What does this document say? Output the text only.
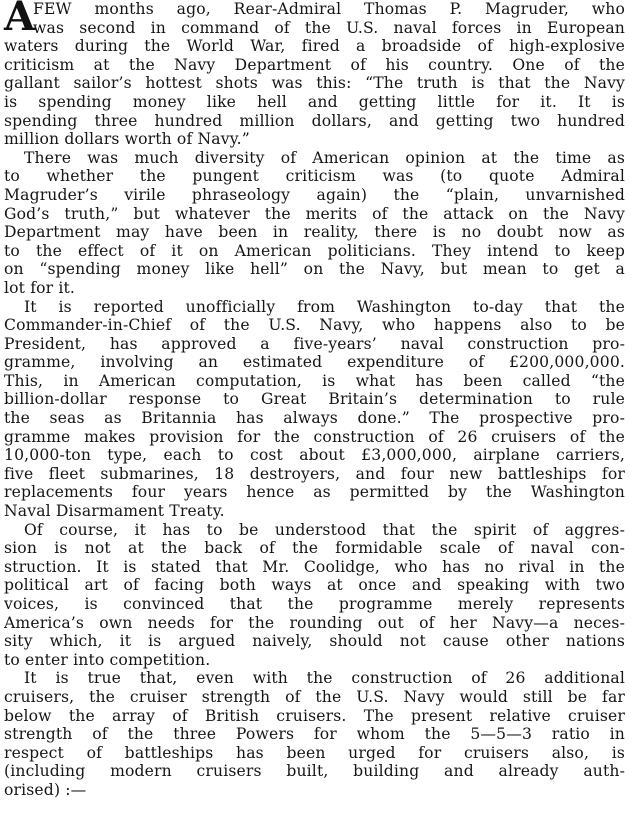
A
FEW months ago, Rear-Admiral Thomas P. Magruder, who
was second in command of the U.S. naval forces in European
waters during the World War, fired a broadside of high-explosive
criticism at the Navy Department of his country. One of the
gallant sailor’s hottest shots was this: “The truth is that the Navy
is spending money like hell and getting little for it. It is
spending three hundred million dollars, and getting two hundred
million dollars worth of Navy.”
There was much diversity of American opinion at the time as
to whether the pungent criticism was (to quote Admiral
Magruder’s virile phraseology again) the “plain, unvarnished
God’s truth,” but whatever the merits of the attack on the Navy
Department may have been in reality, there is no doubt now as
to the effect of it on American politicians. They intend to keep
on “spending money like hell” on the Navy, but mean to get a
lot for it.
It is reported unofficially from Washington to-day that the
Commander-in-Chief of the U.S. Navy, who happens also to be
President, has approved a five-years’ naval construction pro-
gramme, involving an estimated expenditure of £200,000,000.
This, in American computation, is what has been called “the
billion-dollar response to Great Britain’s determination to rule
the seas as Britannia has always done.” The prospective pro-
gramme makes provision for the construction of 26 cruisers of the
10,000-ton type, each to cost about £3,000,000, airplane carriers,
five fleet submarines, 18 destroyers, and four new battleships for
replacements four years hence as permitted by the Washington
Naval Disarmament Treaty.
Of course, it has to be understood that the spirit of aggres-
sion is not at the back of the formidable scale of naval con-
struction. It is stated that Mr. Coolidge, who has no rival in the
political art of facing both ways at once and speaking with two
voices, is convinced that the programme merely represents
America’s own needs for the rounding out of her Navy—a neces-
sity which, it is argued naively, should not cause other nations
to enter into competition.
It is true that, even with the construction of 26 additional
cruisers, the cruiser strength of the U.S. Navy would still be far
below the array of British cruisers. The present relative cruiser
strength of the three Powers for whom the 5—5—3 ratio in
respect of battleships has been urged for cruisers also, is
(including modern cruisers built, building and already auth-
orised) :—
